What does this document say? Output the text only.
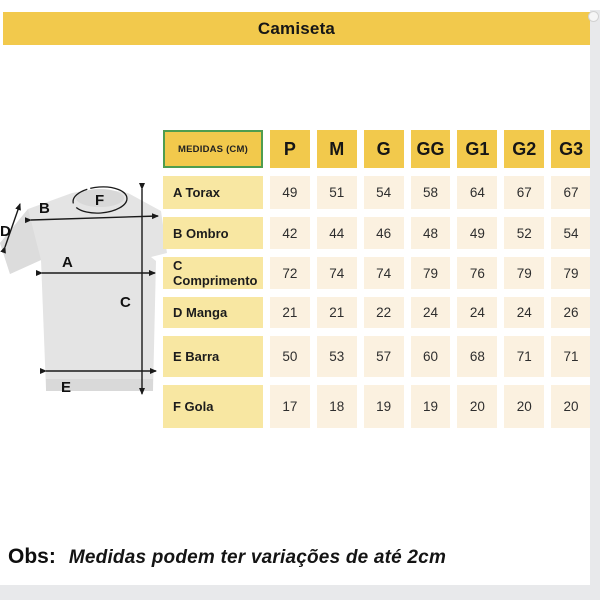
Camiseta
A
B
C
D
E
F
MEDIDAS (CM)	P	M	G	GG	G1	G2	G3
A Torax	49	51	54	58	64	67	67
B Ombro	42	44	46	48	49	52	54
C Comprimento	72	74	74	79	76	79	79
D Manga	21	21	22	24	24	24	26
E Barra	50	53	57	60	68	71	71
F Gola	17	18	19	19	20	20	20
Obs: Medidas podem ter variações de até 2cm
